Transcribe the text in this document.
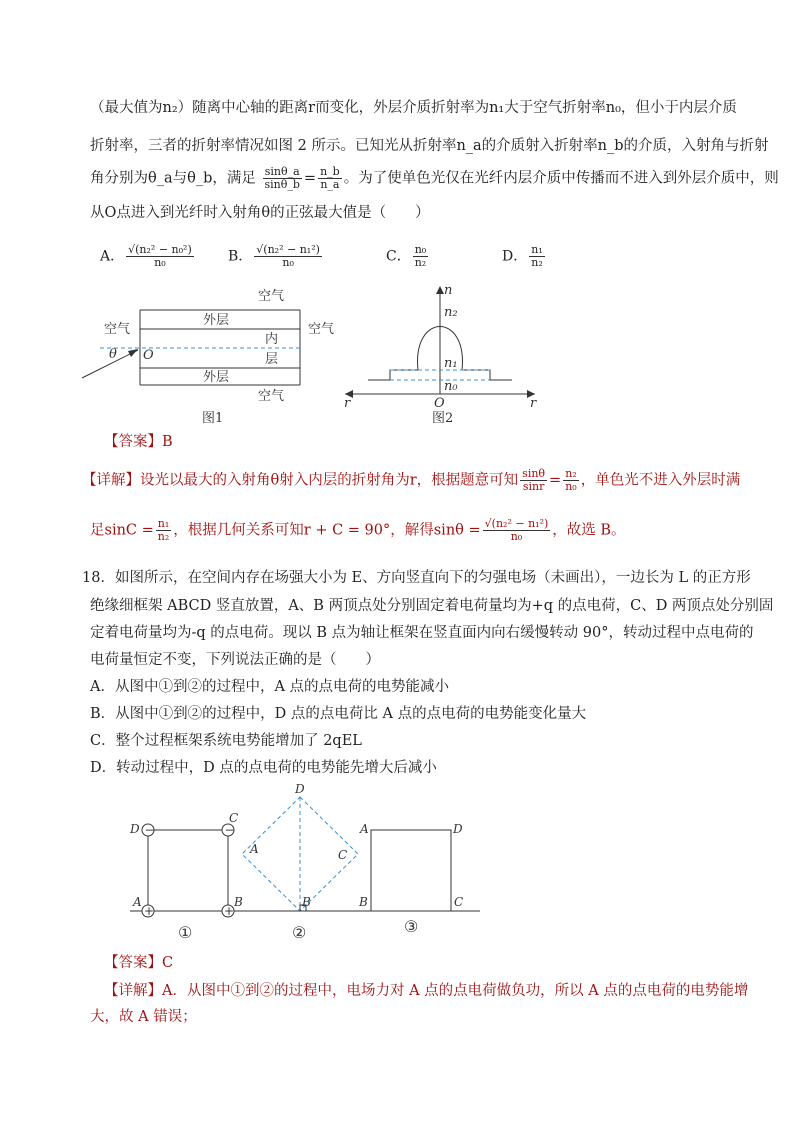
（最大值为n₂）随离中心轴的距离r而变化，外层介质折射率为n₁大于空气折射率n₀，但小于内层介质
折射率，三者的折射率情况如图 2 所示。已知光从折射率n_a的介质射入折射率n_b的介质，入射角与折射
角分别为θ_a与θ_b，满足 $\frac{\sin\theta\_a}{\sin\theta\_b} = \frac{n\_b}{n\_a}$ 。为了使单色光仅在光纤内层介质中传播而不进入到外层介质中，则
从O点进入到光纤时入射角θ的正弦最大值是（　　）
A． $\frac{\text{√(n₂² − n₀²)}}{\text{n₀}}$ B． $\frac{\text{√(n₂² − n₁²)}}{\text{n₀}}$	C． $\frac{\text{n₀}}{\text{n₂}}$	D． $\frac{\text{n₁}}{\text{n₂}}$
空气
空气	空气
空气
外层
内
层
外层
θ O
图1
n
n₂
n₁
n₀
r	r
O
图2
【答案】B
【详解】设光以最大的入射角θ射入内层的折射角为r，根据题意可知 $\frac{\sin\theta}{\sin r} = \frac{\text{n₂}}{\text{n₀}}$ ，单色光不进入外层时满
足$\sin C = \frac{\text{n₁}}{\text{n₂}}$ ，根据几何关系可知r + C = 90°，解得$\sin\theta = \frac{\text{√(n₂² − n₁²)}}{\text{n₀}}$ ，故选 B。
18．如图所示，在空间内存在场强大小为 E、方向竖直向下的匀强电场（未画出），一边长为 L 的正方形
绝缘细框架 ABCD 竖直放置，A、B 两顶点处分别固定着电荷量均为+q 的点电荷，C、D 两顶点处分别固
定着电荷量均为-q 的点电荷。现以 B 点为轴让框架在竖直面内向右缓慢转动 90°，转动过程中点电荷的
电荷量恒定不变，下列说法正确的是（　　）
A．从图中①到②的过程中，A 点的点电荷的电势能减小
B．从图中①到②的过程中，D 点的点电荷比 A 点的点电荷的电势能变化量大
C．整个过程框架系统电势能增加了 2qEL
D．转动过程中，D 点的点电荷的电势能先增大后减小
−	−
+	+
D
C
A	B
①
D
A	C
B
②
A	D
B	C
③
【答案】C
【详解】A．从图中①到②的过程中，电场力对 A 点的点电荷做负功，所以 A 点的点电荷的电势能增
大，故 A 错误；
